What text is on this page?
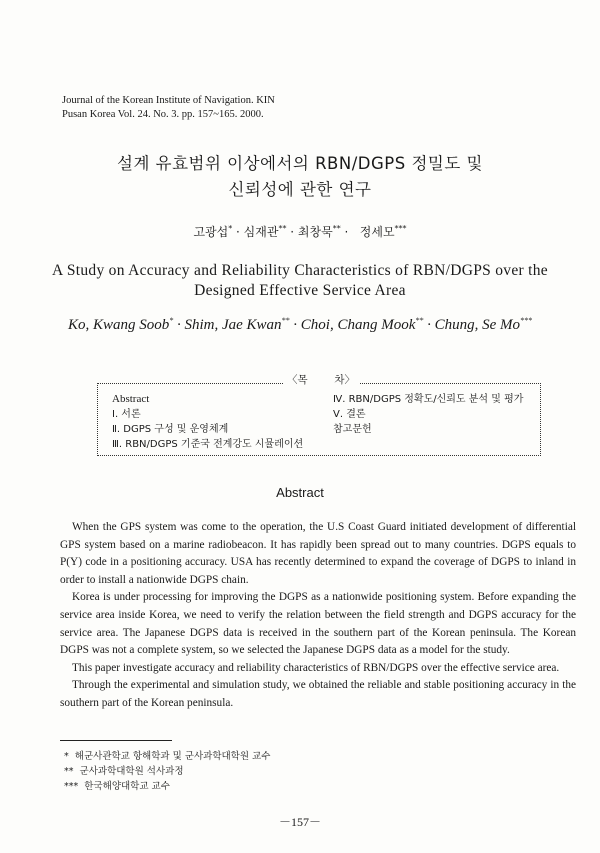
Journal of the Korean Institute of Navigation. KIN
Pusan Korea Vol. 24. No. 3. pp. 157~165. 2000.
설계 유효범위 이상에서의 RBN/DGPS 정밀도 및
신뢰성에 관한 연구
고광섭* · 심재관** · 최창묵** ·   정세모***
A Study on Accuracy and Reliability Characteristics of RBN/DGPS over the
Designed Effective Service Area
Ko, Kwang Soob* · Shim, Jae Kwan** · Choi, Chang Mook** · Chung, Se Mo***
〈목        차〉
Abstract
Ⅰ. 서론
Ⅱ. DGPS 구성 및 운영체계
Ⅲ. RBN/DGPS 기준국 전계강도 시뮬레이션
Ⅳ. RBN/DGPS 정확도/신뢰도 분석 및 평가
Ⅴ. 결론
참고문헌
Abstract

When the GPS system was come to the operation, the U.S Coast Guard initiated development of differential GPS system based on a marine radiobeacon. It has rapidly been spread out to many countries. DGPS equals to P(Y) code in a positioning accuracy. USA has recently determined to expand the coverage of DGPS to inland in order to install a nationwide DGPS chain.

Korea is under processing for improving the DGPS as a nationwide positioning system. Before expanding the service area inside Korea, we need to verify the relation between the field strength and DGPS accuracy for the service area. The Japanese DGPS data is received in the southern part of the Korean peninsula. The Korean DGPS was not a complete system, so we selected the Japanese DGPS data as a model for the study.

This paper investigate accuracy and reliability characteristics of RBN/DGPS over the effective service area.

Through the experimental and simulation study, we obtained the reliable and stable positioning accuracy in the southern part of the Korean peninsula.

*  해군사관학교 항해학과 및 군사과학대학원 교수
**  군사과학대학원 석사과정
***  한국해양대학교 교수
－157－
